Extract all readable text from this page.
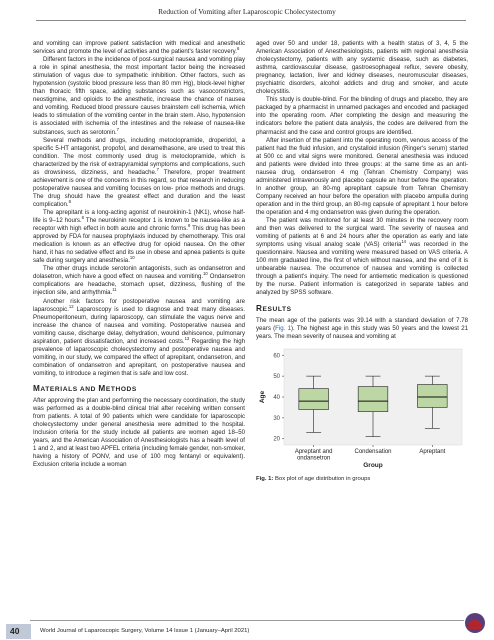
Reduction of Vomiting after Laparoscopic Cholecystectomy

and vomiting can improve patient satisfaction with medical and anesthetic services and promote the level of activities and the patient's faster recovery.$^6$

Different factors in the incidence of post-surgical nausea and vomiting play a role in spinal anesthesia, the most important factor being the increased stimulation of vagus due to sympathetic inhibition. Other factors, such as hypotension (systolic blood pressure less than 80 mm Hg), block-level higher than thoracic fifth space, adding substances such as vasoconstrictors, neostigmine, and opioids to the anesthetic, increase the chance of nausea and vomiting. Reduced blood pressure causes brainstem cell ischemia, which leads to stimulation of the vomiting center in the brain stem. Also, hypotension is associated with ischemia of the intestines and the release of nausea-like substances, such as serotonin.$^7$

Several methods and drugs, including metoclopramide, droperidol, a specific 5-HT antagonist, propofol, and dexamethasone, are used to treat this condition. The most commonly used drug is metoclopramide, which is characterized by the risk of extrapyramidal symptoms and complications, such as drowsiness, dizziness, and headache.$^7$ Therefore, proper treatment achievement is one of the concerns in this regard, so that research in reducing postoperative nausea and vomiting focuses on low- price methods and drugs. The drug should have the greatest effect and duration and the least complication.$^8$

The aprepitant is a long-acting agonist of neurokinin-1 (NK1), whose half-life is 9–12 hours.$^8$ The neurokinin receptor 1 is known to be nausea-like as a receptor with high effect in both acute and chronic forms.$^9$ This drug has been approved by FDA for nausea prophylaxis induced by chemotherapy. This oral medication is known as an effective drug for opioid nausea. On the other hand, it has no sedative effect and its use in obese and apnea patients is quite safe during surgery and anesthesia.$^{10}$

The other drugs include serotonin antagonists, such as ondansetron and dolasetron, which have a good effect on nausea and vomiting.$^{10}$ Ondansetron complications are headache, stomach upset, dizziness, flushing of the injection site, and arrhythmia.$^{11}$

Another risk factors for postoperative nausea and vomiting are laparoscopic.$^{12}$ Laparoscopy is used to diagnose and treat many diseases. Pneumoperitoneum, during laparoscopy, can stimulate the vagus nerve and increase the chance of nausea and vomiting. Postoperative nausea and vomiting cause, discharge delay, dehydration, wound dehiscence, pulmonary aspiration, patient dissatisfaction, and increased costs.$^{13}$ Regarding the high prevalence of laparoscopic cholecystectomy and postoperative nausea and vomiting, in our study, we compared the effect of aprepitant, ondansetron, and combination of ondansetron and aprepitant, on postoperative nausea and vomiting, to introduce a regimen that is safe and low cost.

MATERIALS AND METHODS

After approving the plan and performing the necessary coordination, the study was performed as a double-blind clinical trial after receiving written consent from patients. A total of 90 patients which were candidate for laparoscopic cholecystectomy under general anesthesia were admitted to the hospital. Inclusion criteria for the study include all patients are women aged 18–50 years, and the American Association of Anesthesiologists has a health level of 1 and 2, and at least two APFEL criteria (including female gender, non-smoker, having a history of PONV, and use of 100 mcg fentanyl or equivalent). Exclusion criteria include a woman

aged over 50 and under 18, patients with a health status of 3, 4, 5 the American Association of Anesthesiologists, patients with regional anesthesia cholecystectomy, patients with any systemic disease, such as diabetes, asthma, cardiovascular disease, gastroesophageal reflux, severe obesity, pregnancy, lactation, liver and kidney diseases, neuromuscular diseases, psychiatric disorders, alcohol addicts and drug and smoker, and acute cholecystitis.

This study is double-blind. For the blinding of drugs and placebo, they are packaged by a pharmacist in unnamed packages and encoded and packaged into the operating room. After completing the design and measuring the indicators before the patient data analysis, the codes are delivered from the pharmacist and the case and control groups are identified.

After insertion of the patient into the operating room, venous access of the patient had the fluid infusion, and crystalloid infusion (Ringer's serum) started at 500 cc and vital signs were monitored. General anesthesia was induced and patients were divided into three groups: at the same time as an anti-nausea drug, ondansetron 4 mg (Tehran Chemistry Company) was administered intravenously and placebo capsule an hour before the operation. In another group, an 80-mg aprepitant capsule from Tehran Chemistry Company received an hour before the operation with placebo ampulla during operation and in the third group, an 80-mg capsule of aprepitant 1 hour before the operation and 4 mg ondansetron was given during the operation.

The patient was monitored for at least 30 minutes in the recovery room and then was delivered to the surgical ward. The severity of nausea and vomiting of patients at 6 and 24 hours after the operation as early and late symptoms using visual analog scale (VAS) criteria$^{14}$ was recorded in the questionnaire. Nausea and vomiting were measured based on VAS criteria. A 100 mm graduated line, the first of which without nausea, and the end of it is unbearable nausea. The occurrence of nausea and vomiting is collected through a patient's inquiry. The need for antiemetic medication is questioned by the nurse. Patient information is categorized in separate tables and analyzed by SPSS software.

RESULTS

The mean age of the patients was 39.14 with a standard deviation of 7.78 years (Fig. 1). The highest age in this study was 50 years and the lowest 21 years. The mean severity of nausea and vomiting at

20
30
40
50
60
Age
Apreptant and
ondansetron
Condensation	Apreptant
Group
Fig. 1: Box plot of age distribution in groups
40	World Journal of Laparoscopic Surgery, Volume 14 Issue 1 (January–April 2021)
